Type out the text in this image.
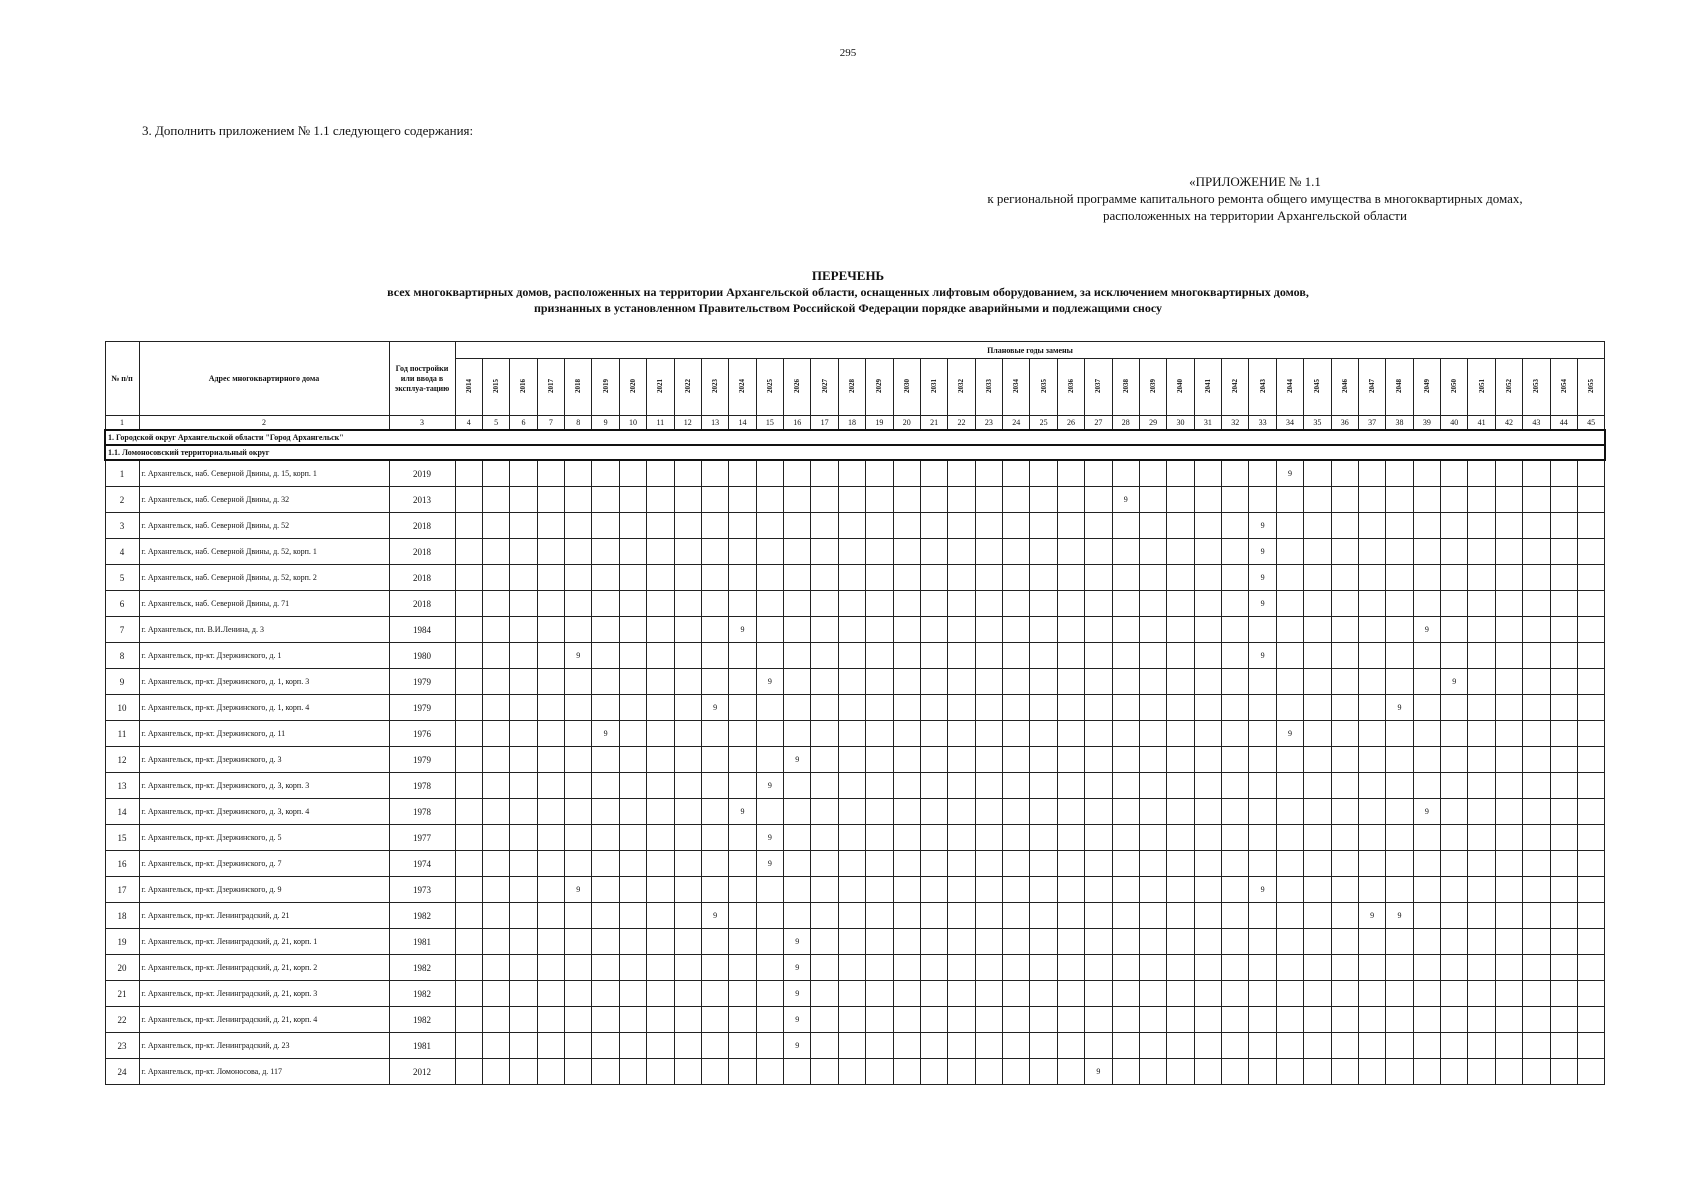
295
3. Дополнить приложением № 1.1 следующего содержания:
«ПРИЛОЖЕНИЕ № 1.1
к региональной программе капитального ремонта общего имущества в многоквартирных домах,
расположенных на территории Архангельской области
ПЕРЕЧЕНЬ
всех многоквартирных домов, расположенных на территории Архангельской области, оснащенных лифтовым оборудованием, за исключением многоквартирных домов,
признанных в установленном Правительством Российской Федерации порядке аварийными и подлежащими сносу
№ п/п	Адрес многоквартирного дома	Год постройки или ввода в эксплуа-тацию	Плановые годы замены																																									
			2014	2015	2016	2017	2018	2019	2020	2021	2022	2023	2024	2025	2026	2027	2028	2029	2030	2031	2032	2033	2034	2035	2036	2037	2038	2039	2040	2041	2042	2043	2044	2045	2046	2047	2048	2049	2050	2051	2052	2053	2054	2055
1	2	3	4	5	6	7	8	9	10	11	12	13	14	15	16	17	18	19	20	21	22	23	24	25	26	27	28	29	30	31	32	33	34	35	36	37	38	39	40	41	42	43	44	45
1. Городской округ Архангельской области "Город Архангельск"																																												
1.1. Ломоносовский территориальный округ																																												
1	г. Архангельск, наб. Северной Двины, д. 15, корп. 1	2019																															9											
2	г. Архангельск, наб. Северной Двины, д. 32	2013																									9																	
3	г. Архангельск, наб. Северной Двины, д. 52	2018																														9												
4	г. Архангельск, наб. Северной Двины, д. 52, корп. 1	2018																														9												
5	г. Архангельск, наб. Северной Двины, д. 52, корп. 2	2018																														9												
6	г. Архангельск, наб. Северной Двины, д. 71	2018																														9												
7	г. Архангельск, пл. В.И.Ленина, д. 3	1984											9																									9						
8	г. Архангельск, пр-кт. Дзержинского, д. 1	1980					9																									9												
9	г. Архангельск, пр-кт. Дзержинского, д. 1, корп. 3	1979												9																									9					
10	г. Архангельск, пр-кт. Дзержинского, д. 1, корп. 4	1979										9																									9							
11	г. Архангельск, пр-кт. Дзержинского, д. 11	1976						9																									9											
12	г. Архангельск, пр-кт. Дзержинского, д. 3	1979													9																													
13	г. Архангельск, пр-кт. Дзержинского, д. 3, корп. 3	1978												9																														
14	г. Архангельск, пр-кт. Дзержинского, д. 3, корп. 4	1978											9																									9						
15	г. Архангельск, пр-кт. Дзержинского, д. 5	1977												9																														
16	г. Архангельск, пр-кт. Дзержинского, д. 7	1974												9																														
17	г. Архангельск, пр-кт. Дзержинского, д. 9	1973					9																									9												
18	г. Архангельск, пр-кт. Ленинградский, д. 21	1982										9																								9	9							
19	г. Архангельск, пр-кт. Ленинградский, д. 21, корп. 1	1981													9																													
20	г. Архангельск, пр-кт. Ленинградский, д. 21, корп. 2	1982													9																													
21	г. Архангельск, пр-кт. Ленинградский, д. 21, корп. 3	1982													9																													
22	г. Архангельск, пр-кт. Ленинградский, д. 21, корп. 4	1982													9																													
23	г. Архангельск, пр-кт. Ленинградский, д. 23	1981													9																													
24	г. Архангельск, пр-кт. Ломоносова, д. 117	2012																								9																		
